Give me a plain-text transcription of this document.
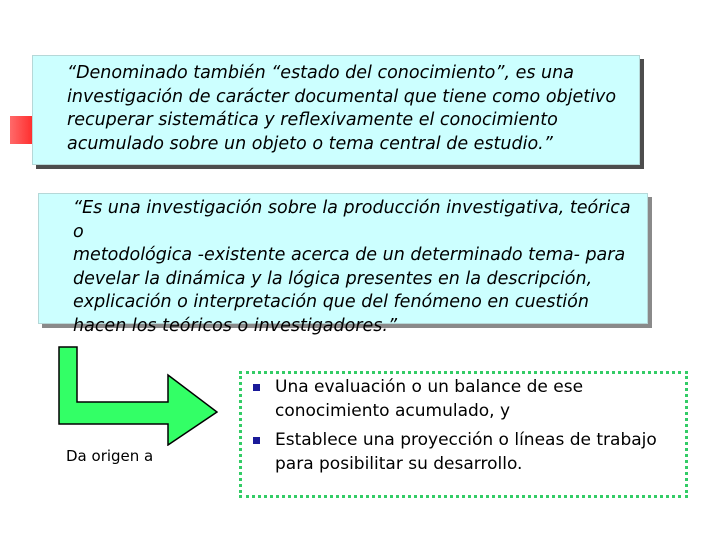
“Denominado también “estado del conocimiento”, es una
investigación de carácter documental que tiene como objetivo
recuperar sistemática y reflexivamente el conocimiento
acumulado sobre un objeto o tema central de estudio.”
“Es una investigación sobre la producción investigativa, teórica o
metodológica -existente acerca de un determinado tema- para
develar la dinámica y la lógica presentes en la descripción,
explicación o interpretación que del fenómeno en cuestión
hacen los teóricos o investigadores.”
Da origen a
Una evaluación o un balance de ese
conocimiento acumulado, y
Establece una proyección o líneas de trabajo
para posibilitar su desarrollo.
